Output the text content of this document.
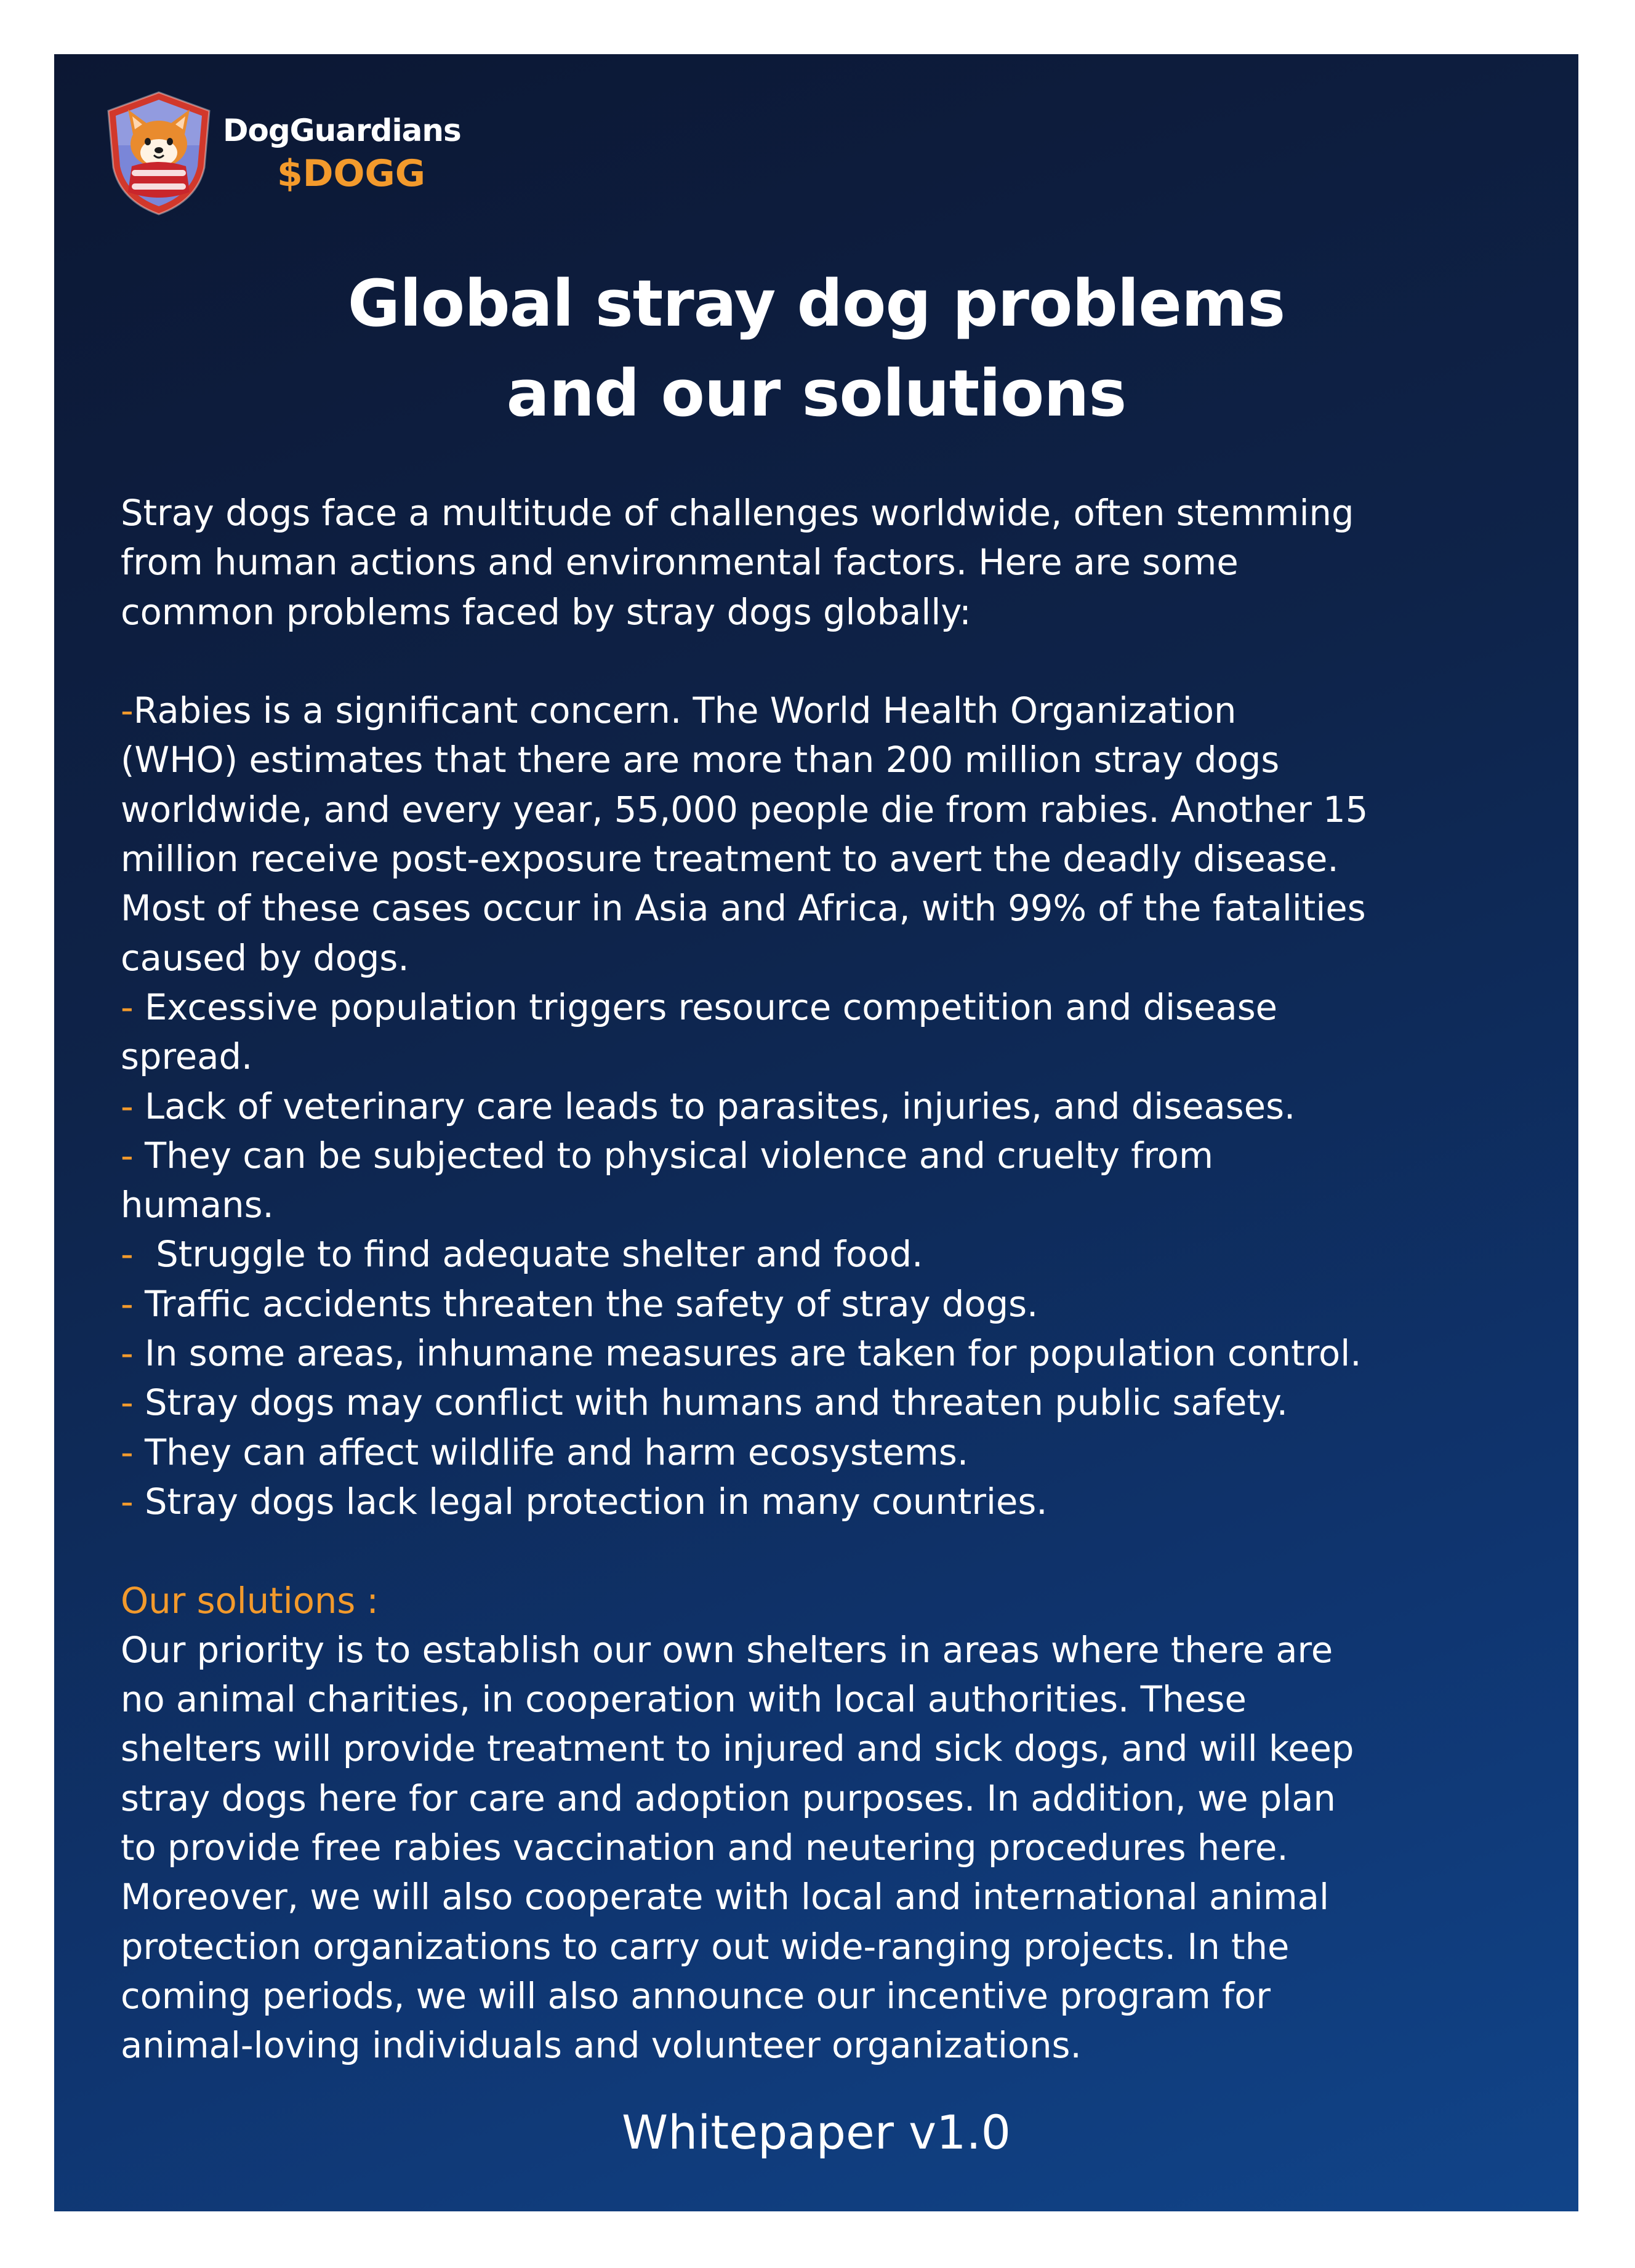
DogGuardians
$DOGG
Global stray dog problems
and our solutions

Stray dogs face a multitude of challenges worldwide, often stemming

from human actions and environmental factors. Here are some

common problems faced by stray dogs globally:

-Rabies is a significant concern. The World Health Organization

(WHO) estimates that there are more than 200 million stray dogs

worldwide, and every year, 55,000 people die from rabies. Another 15

million receive post-exposure treatment to avert the deadly disease.

Most of these cases occur in Asia and Africa, with 99% of the fatalities

caused by dogs.

- Excessive population triggers resource competition and disease

spread.

- Lack of veterinary care leads to parasites, injuries, and diseases.

- They can be subjected to physical violence and cruelty from

humans.

-  Struggle to find adequate shelter and food.

- Traffic accidents threaten the safety of stray dogs.

- In some areas, inhumane measures are taken for population control.

- Stray dogs may conflict with humans and threaten public safety.

- They can affect wildlife and harm ecosystems.

- Stray dogs lack legal protection in many countries.

Our solutions :

Our priority is to establish our own shelters in areas where there are

no animal charities, in cooperation with local authorities. These

shelters will provide treatment to injured and sick dogs, and will keep

stray dogs here for care and adoption purposes. In addition, we plan

to provide free rabies vaccination and neutering procedures here.

Moreover, we will also cooperate with local and international animal

protection organizations to carry out wide-ranging projects. In the

coming periods, we will also announce our incentive program for

animal-loving individuals and volunteer organizations.

Whitepaper v1.0
